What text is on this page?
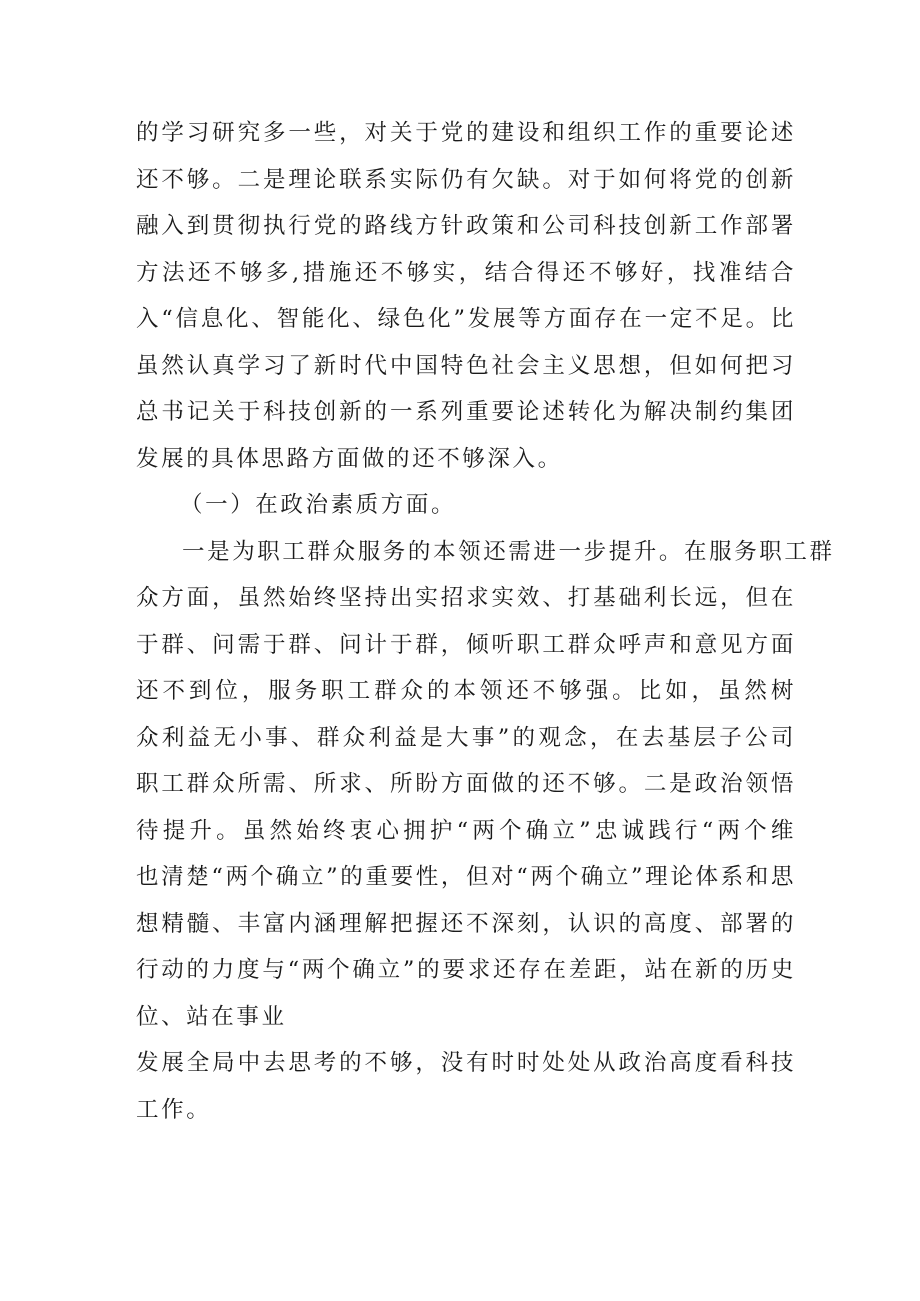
的学习研究多一些，对关于党的建设和组织工作的重要论述
还不够。二是理论联系实际仍有欠缺。对于如何将党的创新
融入到贯彻执行党的路线方针政策和公司科技创新工作部署
方法还不够多,措施还不够实，结合得还不够好，找准结合
入“信息化、智能化、绿色化”发展等方面存在一定不足。比
虽然认真学习了新时代中国特色社会主义思想，但如何把习
总书记关于科技创新的一系列重要论述转化为解决制约集团
发展的具体思路方面做的还不够深入。
（一）在政治素质方面。
一是为职工群众服务的本领还需进一步提升。在服务职工群
众方面，虽然始终坚持出实招求实效、打基础利长远，但在
于群、问需于群、问计于群，倾听职工群众呼声和意见方面
还不到位，服务职工群众的本领还不够强。比如，虽然树
众利益无小事、群众利益是大事”的观念，在去基层子公司
职工群众所需、所求、所盼方面做的还不够。二是政治领悟
待提升。虽然始终衷心拥护“两个确立”忠诚践行“两个维
也清楚“两个确立”的重要性，但对“两个确立”理论体系和思
想精髓、丰富内涵理解把握还不深刻，认识的高度、部署的
行动的力度与“两个确立”的要求还存在差距，站在新的历史
位、站在事业
发展全局中去思考的不够，没有时时处处从政治高度看科技
工作。
